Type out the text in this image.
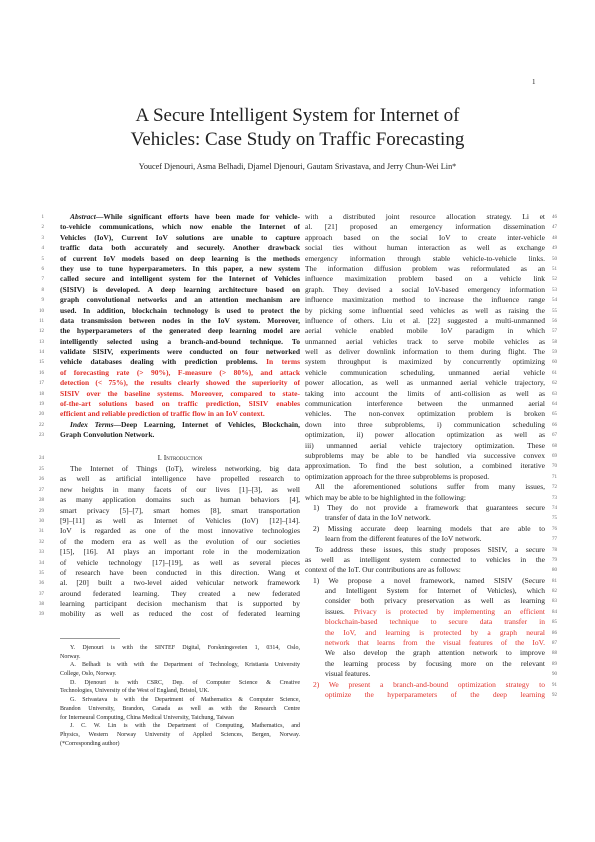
1
A Secure Intelligent System for Internet of
Vehicles: Case Study on Traffic Forecasting
Youcef Djenouri, Asma Belhadi, Djamel Djenouri, Gautam Srivastava, and Jerry Chun-Wei Lin*
Abstract—While significant efforts have been made for vehicle-
to-vehicle communications, which now enable the Internet of
Vehicles (IoV), Current IoV solutions are unable to capture
traffic data both accurately and securely. Another drawback
of current IoV models based on deep learning is the methods
they use to tune hyperparameters. In this paper, a new system
called secure and intelligent system for the Internet of Vehicles
(SISIV) is developed. A deep learning architecture based on
graph convolutional networks and an attention mechanism are
used. In addition, blockchain technology is used to protect the
data transmission between nodes in the IoV system. Moreover,
the hyperparameters of the generated deep learning model are
intelligently selected using a branch-and-bound technique. To
validate SISIV, experiments were conducted on four networked
vehicle databases dealing with prediction problems. In terms
of forecasting rate (> 90%), F-measure (> 80%), and attack
detection (< 75%), the results clearly showed the superiority of
SISIV over the baseline systems. Moreover, compared to state-
of-the-art solutions based on traffic prediction, SISIV enables
efficient and reliable prediction of traffic flow in an IoV context.
Index Terms—Deep Learning, Internet of Vehicles, Blockchain,
Graph Convolution Network.
I. Introduction
The Internet of Things (IoT), wireless networking, big data
as well as artificial intelligence have propelled research to
new heights in many facets of our lives [1]–[3], as well
as many application domains such as human behaviors [4],
smart privacy [5]–[7], smart homes [8], smart transportation
[9]–[11] as well as Internet of Vehicles (IoV) [12]–[14].
IoV is regarded as one of the most innovative technologies
of the modern era as well as the evolution of our societies
[15], [16]. AI plays an important role in the modernization
of vehicle technology [17]–[19], as well as several pieces
of research have been conducted in this direction. Wang et
al. [20] built a two-level aided vehicular network framework
around federated learning. They created a new federated
learning participant decision mechanism that is supported by
mobility as well as reduced the cost of federated learning
Y. Djenouri is with the SINTEF Digital, Forskningsveien 1, 0314, Oslo,
Norway.
A. Belhadi is with with the Department of Technology, Kristiania University
College, Oslo, Norway.
D. Djenouri is with CSRC, Dep. of Computer Science & Creative
Technologies, University of the West of England, Bristol, UK.
G. Srivastava is with the Department of Mathematics & Computer Science,
Brandon University, Brandon, Canada as well as with the Research Centre
for Interneural Computing, China Medical University, Taichung, Taiwan
J. C. W. Lin is with the Department of Computing, Mathematics, and
Physics, Western Norway University of Applied Sciences, Bergen, Norway.
(*Corresponding author)
with a distributed joint resource allocation strategy. Li et
al. [21] proposed an emergency information dissemination
approach based on the social IoV to create inter-vehicle
social ties without human interaction as well as exchange
emergency information through stable vehicle-to-vehicle links.
The information diffusion problem was reformulated as an
influence maximization problem based on a vehicle link
graph. They devised a social IoV-based emergency information
influence maximization method to increase the influence range
by picking some influential seed vehicles as well as raising the
influence of others. Liu et al. [22] suggested a multi-unmanned
aerial vehicle enabled mobile IoV paradigm in which
unmanned aerial vehicles track to serve mobile vehicles as
well as deliver downlink information to them during flight. The
system throughput is maximized by concurrently optimizing
vehicle communication scheduling, unmanned aerial vehicle
power allocation, as well as unmanned aerial vehicle trajectory,
taking into account the limits of anti-collision as well as
communication interference between the unmanned aerial
vehicles. The non-convex optimization problem is broken
down into three subproblems, i) communication scheduling
optimization, ii) power allocation optimization as well as
iii) unmanned aerial vehicle trajectory optimization. These
subproblems may be able to be handled via successive convex
approximation. To find the best solution, a combined iterative
optimization approach for the three subproblems is proposed.
All the aforementioned solutions suffer from many issues,
which may be able to be highlighted in the following:
1) They do not provide a framework that guarantees secure
transfer of data in the IoV network.
2) Missing accurate deep learning models that are able to
learn from the different features of the IoV network.
To address these issues, this study proposes SISIV, a secure
as well as intelligent system connected to vehicles in the
context of the IoT. Our contributions are as follows:
1) We propose a novel framework, named SISIV (Secure
and Intelligent System for Internet of Vehicles), which
consider both privacy preservation as well as learning
issues. Privacy is protected by implementing an efficient
blockchain-based technique to secure data transfer in
the IoV, and learning is protected by a graph neural
network that learns from the visual features of the IoV.
We also develop the graph attention network to improve
the learning process by focusing more on the relevant
visual features.
2) We present a branch-and-bound optimization strategy to
optimize the hyperparameters of the deep learning
1
2
3
4
5
6
7
8
9
10
11
12
13
14
15
16
17
18
19
20
22
23
24
25
26
27
28
29
30
31
32
33
34
35
36
37
38
39
46
47
48
49
50
51
52
53
54
55
56
57
58
59
60
61
62
63
64
65
66
67
68
69
70
71
72
73
74
75
76
77
78
79
80
81
82
83
84
85
86
87
88
89
90
91
92
